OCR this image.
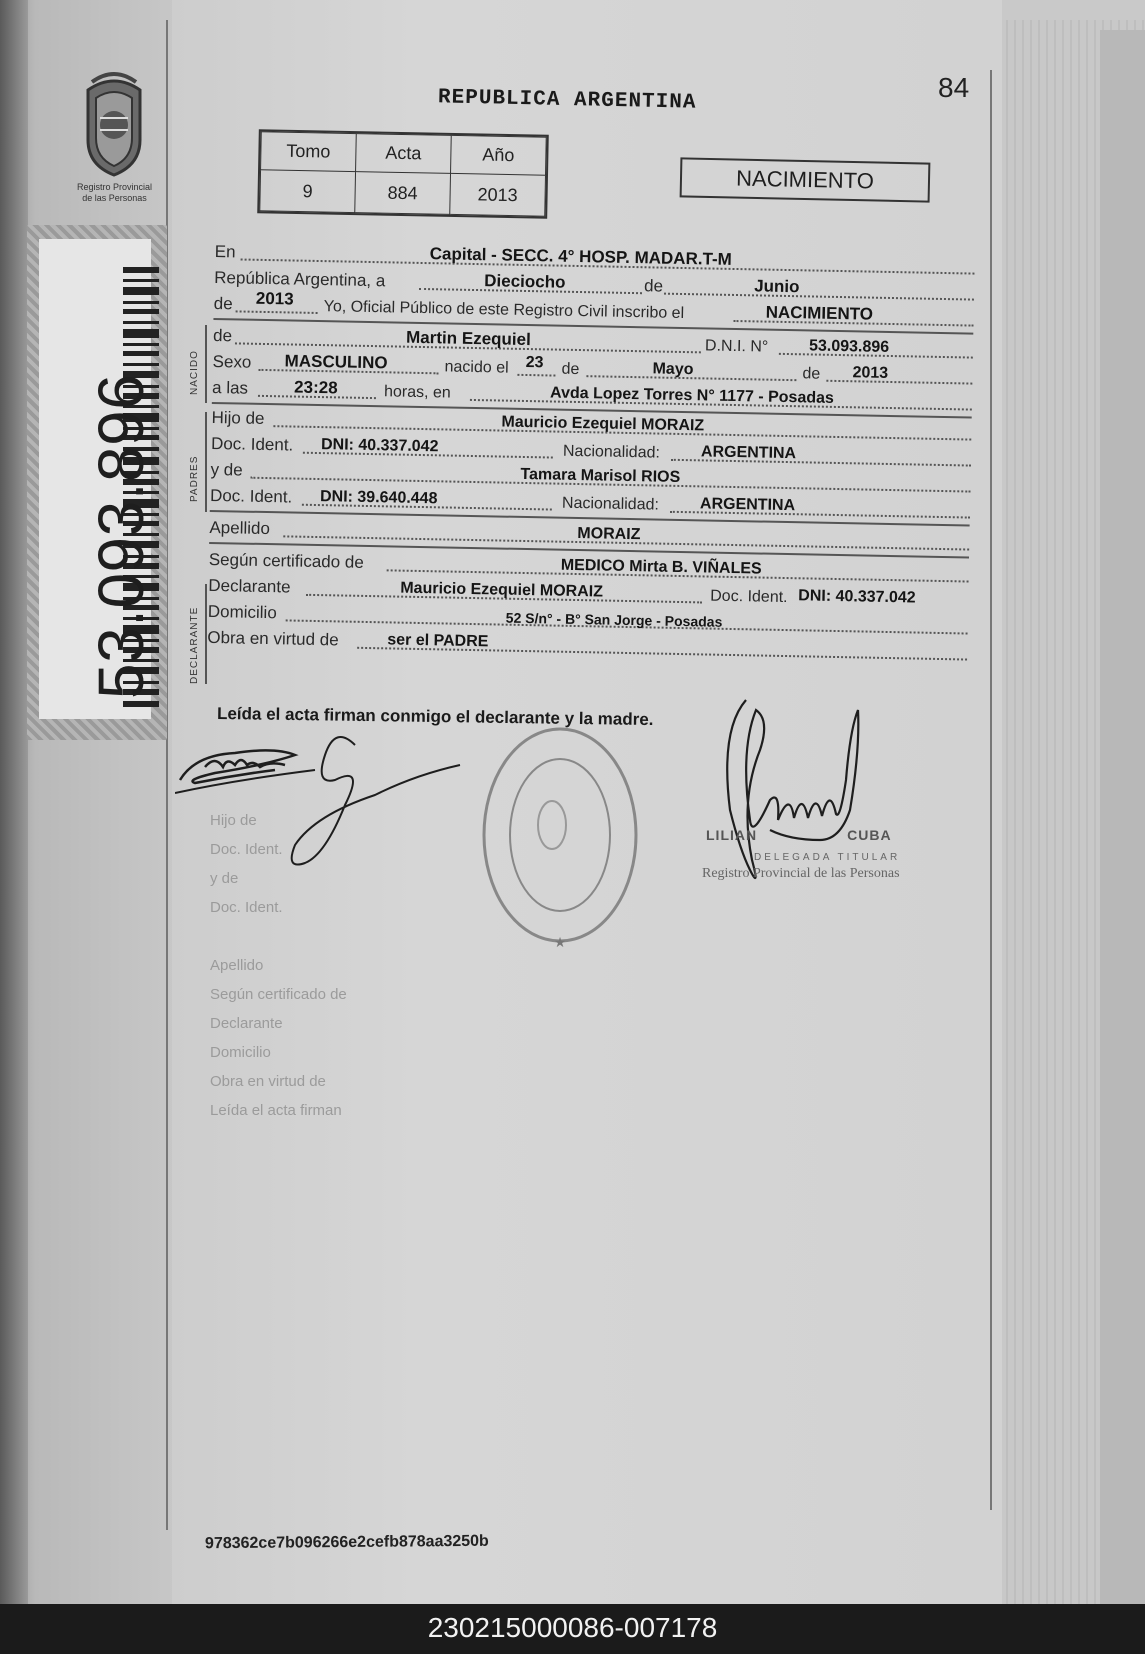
Registro Provincial
de las Personas
53.093.896
REPUBLICA ARGENTINA	84
Tomo	Acta	Año
9	884	2013
NACIMIENTO
En	Capital - SECC. 4° HOSP. MADAR.T-M
República Argentina, a	Dieciocho	de	Junio
de 2013 Yo, Oficial Público de este Registro Civil inscribo el	NACIMIENTO
de	Martin Ezequiel	D.N.I. N°	53.093.896
Sexo MASCULINO	nacido el 23 de	Mayo	de 2013
a las	23:28	horas, en	Avda Lopez Torres N° 1177 - Posadas
Hijo de	Mauricio Ezequiel MORAIZ
Doc. Ident. DNI: 40.337.042	Nacionalidad:	ARGENTINA
y de	Tamara Marisol RIOS
Doc. Ident. DNI: 39.640.448	Nacionalidad:	ARGENTINA
Apellido	MORAIZ
Según certificado de	MEDICO Mirta B. VIÑALES
Declarante	Mauricio Ezequiel MORAIZ	Doc. Ident. DNI: 40.337.042
Domicilio	52 S/n° - B° San Jorge - Posadas
Obra en virtud de	ser el PADRE
NACIDO
PADRES
DECLARANTE
Leída el acta firman conmigo el declarante y la madre.
Hijo de
Doc. Ident.
y de
Doc. Ident.
Apellido
Según certificado de
Declarante
Domicilio
Obra en virtud de
Leída el acta firman
★
LILIAN	CUBA
DELEGADA TITULAR
Registro Provincial de las Personas
978362ce7b096266e2cefb878aa3250b
230215000086-007178
